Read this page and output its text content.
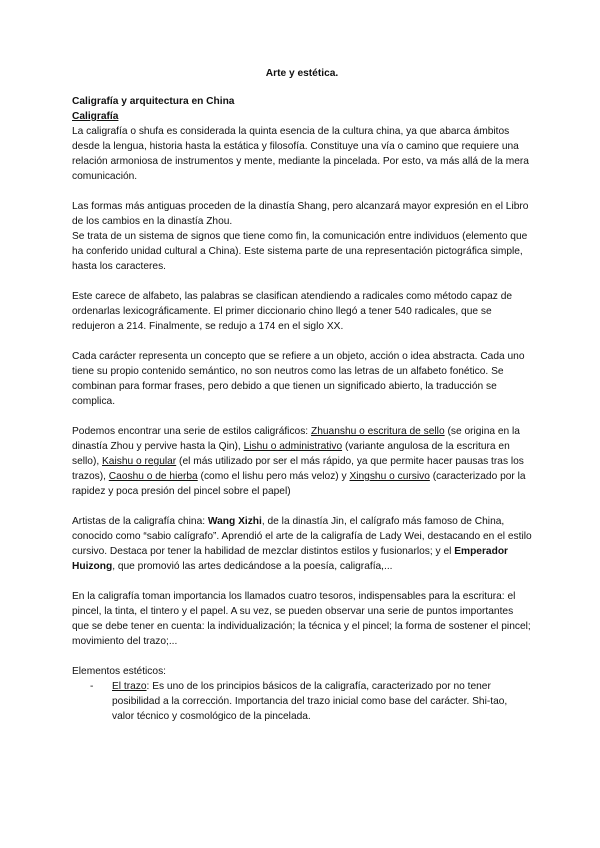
Arte y estética.
Caligrafía y arquitectura en China
Caligrafía

La caligrafía o shufa es considerada la quinta esencia de la cultura china, ya que abarca ámbitos desde la lengua, historia hasta la estática y filosofía. Constituye una vía o camino que requiere una relación armoniosa de instrumentos y mente, mediante la pincelada. Por esto, va más allá de la mera comunicación.

Las formas más antiguas proceden de la dinastía Shang, pero alcanzará mayor expresión en el Libro de los cambios en la dinastía Zhou.

Se trata de un sistema de signos que tiene como fin, la comunicación entre individuos (elemento que ha conferido unidad cultural a China). Este sistema parte de una representación pictográfica simple, hasta los caracteres.

Este carece de alfabeto, las palabras se clasifican atendiendo a radicales como método capaz de ordenarlas lexicográficamente. El primer diccionario chino llegó a tener 540 radicales, que se redujeron a 214. Finalmente, se redujo a 174 en el siglo XX.

Cada carácter representa un concepto que se refiere a un objeto, acción o idea abstracta. Cada uno tiene su propio contenido semántico, no son neutros como las letras de un alfabeto fonético. Se combinan para formar frases, pero debido a que tienen un significado abierto, la traducción se complica.

Podemos encontrar una serie de estilos caligráficos: Zhuanshu o escritura de sello (se origina en la dinastía Zhou y pervive hasta la Qin), Lishu o administrativo (variante angulosa de la escritura en sello), Kaishu o regular (el más utilizado por ser el más rápido, ya que permite hacer pausas tras los trazos), Caoshu o de hierba (como el lishu pero más veloz) y Xingshu o cursivo (caracterizado por la rapidez y poca presión del pincel sobre el papel)

Artistas de la caligrafía china: Wang Xizhi, de la dinastía Jin, el calígrafo más famoso de China, conocido como “sabio calígrafo”. Aprendió el arte de la caligrafía de Lady Wei, destacando en el estilo cursivo. Destaca por tener la habilidad de mezclar distintos estilos y fusionarlos; y el Emperador Huizong, que promovió las artes dedicándose a la poesía, caligrafía,...

En la caligrafía toman importancia los llamados cuatro tesoros, indispensables para la escritura: el pincel, la tinta, el tintero y el papel. A su vez, se pueden observar una serie de puntos importantes que se debe tener en cuenta: la individualización; la técnica y el pincel; la forma de sostener el pincel; movimiento del trazo;...

Elementos estéticos:
- El trazo: Es uno de los principios básicos de la caligrafía, caracterizado por no tener posibilidad a la corrección. Importancia del trazo inicial como base del carácter. Shi-tao, valor técnico y cosmológico de la pincelada.
